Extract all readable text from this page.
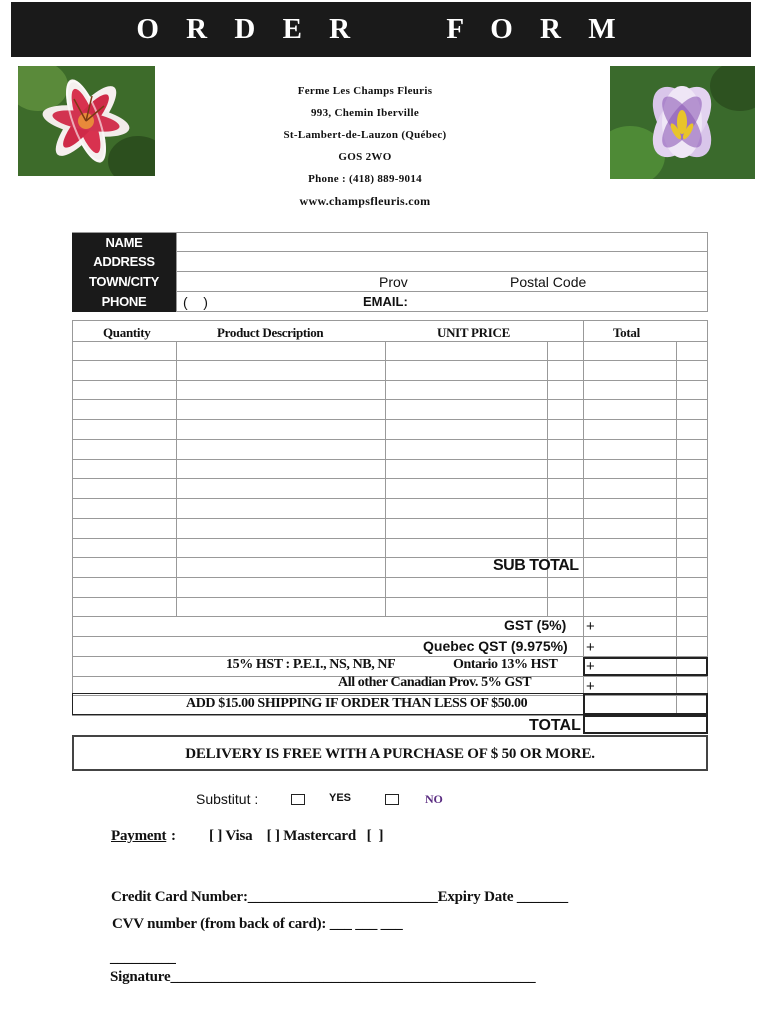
O R D E R     F O R M
Ferme Les Champs Fleuris
993, Chemin Iberville
St-Lambert-de-Lauzon (Québec)
GOS 2WO
Phone : (418) 889-9014
www.champsfleuris.com
NAME
ADDRESS
TOWN/CITY	Prov	Postal Code
PHONE	(    )	EMAIL:
Quantity	Product Description	UNIT PRICE	Total
SUB TOTAL
GST (5%) +
Quebec QST (9.975%) +
15% HST : P.E.I., NS, NB, NF	Ontario 13% HST +
All other Canadian Prov. 5% GST	+
ADD $15.00 SHIPPING IF ORDER THAN LESS OF $50.00
TOTAL
DELIVERY IS FREE WITH A PURCHASE OF $ 50 OR MORE.
Substitut :	YES	NO
Payment : [ ] Visa    [ ] Mastercard   [  ]
Credit Card Number:__________________________Expiry Date _______
CVV number (from back of card): ___ ___ ___
_________
Signature__________________________________________________
